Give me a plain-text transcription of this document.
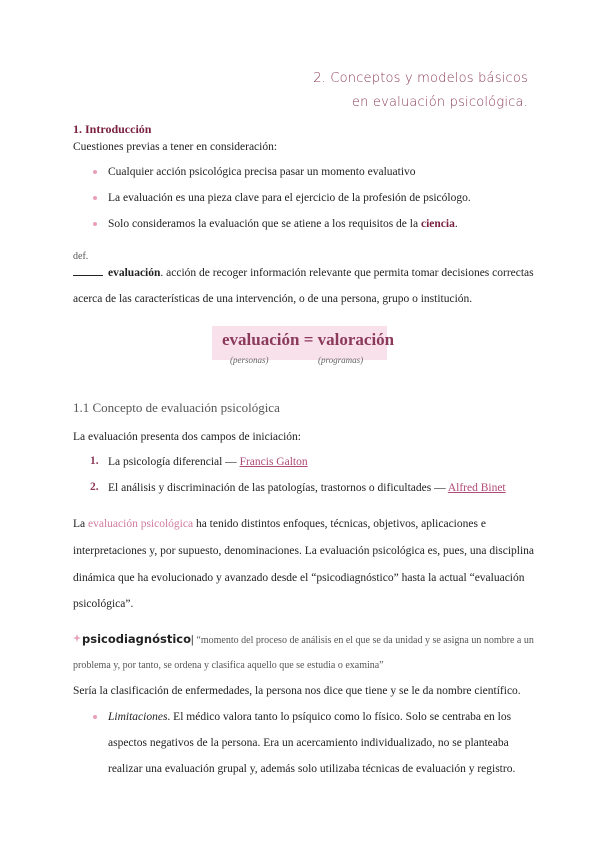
2. Conceptos y modelos básicos
en evaluación psicológica.
1. Introducción
Cuestiones previas a tener en consideración:
Cualquier acción psicológica precisa pasar un momento evaluativo
La evaluación es una pieza clave para el ejercicio de la profesión de psicólogo.
Solo consideramos la evaluación que se atiene a los requisitos de la ciencia.
def.
evaluación. acción de recoger información relevante que permita tomar decisiones correctas
acerca de las características de una intervención, o de una persona, grupo o institución.
evaluación = valoración
(personas)	(programas)
1.1 Concepto de evaluación psicológica
La evaluación presenta dos campos de iniciación:
1. La psicología diferencial — Francis Galton
2. El análisis y discriminación de las patologías, trastornos o dificultades — Alfred Binet
La evaluación psicológica ha tenido distintos enfoques, técnicas, objetivos, aplicaciones e
interpretaciones y, por supuesto, denominaciones. La evaluación psicológica es, pues, una disciplina
dinámica que ha evolucionado y avanzado desde el “psicodiagnóstico” hasta la actual “evaluación
psicológica”.
psicodiagnóstico| “momento del proceso de análisis en el que se da unidad y se asigna un nombre a un
problema y, por tanto, se ordena y clasifica aquello que se estudia o examina”
Sería la clasificación de enfermedades, la persona nos dice que tiene y se le da nombre científico.
Limitaciones. El médico valora tanto lo psíquico como lo físico. Solo se centraba en los
aspectos negativos de la persona. Era un acercamiento individualizado, no se planteaba
realizar una evaluación grupal y, además solo utilizaba técnicas de evaluación y registro.
